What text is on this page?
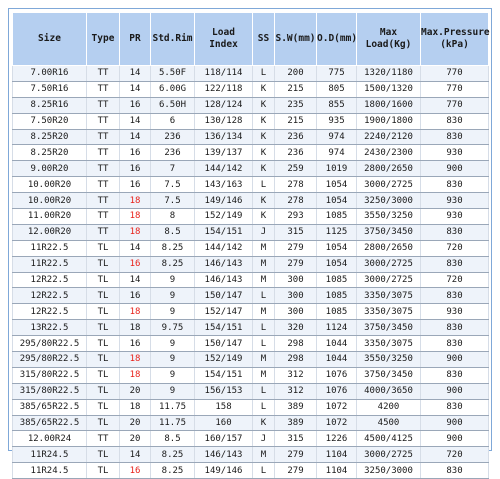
Size	Type	PR	Std.Rim	Load Index	SS	S.W(mm)	O.D(mm)	Max Load(Kg)	Max.Pressure (kPa)
7.00R16	TT	14	5.50F	118/114	L	200	775	1320/1180	770
7.50R16	TT	14	6.00G	122/118	K	215	805	1500/1320	770
8.25R16	TT	16	6.50H	128/124	K	235	855	1800/1600	770
7.50R20	TT	14	6	130/128	K	215	935	1900/1800	830
8.25R20	TT	14	236	136/134	K	236	974	2240/2120	830
8.25R20	TT	16	236	139/137	K	236	974	2430/2300	930
9.00R20	TT	16	7	144/142	K	259	1019	2800/2650	900
10.00R20	TT	16	7.5	143/163	L	278	1054	3000/2725	830
10.00R20	TT	18	7.5	149/146	K	278	1054	3250/3000	930
11.00R20	TT	18	8	152/149	K	293	1085	3550/3250	930
12.00R20	TT	18	8.5	154/151	J	315	1125	3750/3450	830
11R22.5	TL	14	8.25	144/142	M	279	1054	2800/2650	720
11R22.5	TL	16	8.25	146/143	M	279	1054	3000/2725	830
12R22.5	TL	14	9	146/143	M	300	1085	3000/2725	720
12R22.5	TL	16	9	150/147	L	300	1085	3350/3075	830
12R22.5	TL	18	9	152/147	M	300	1085	3350/3075	930
13R22.5	TL	18	9.75	154/151	L	320	1124	3750/3450	830
295/80R22.5	TL	16	9	150/147	L	298	1044	3350/3075	830
295/80R22.5	TL	18	9	152/149	M	298	1044	3550/3250	900
315/80R22.5	TL	18	9	154/151	M	312	1076	3750/3450	830
315/80R22.5	TL	20	9	156/153	L	312	1076	4000/3650	900
385/65R22.5	TL	18	11.75	158	L	389	1072	4200	830
385/65R22.5	TL	20	11.75	160	K	389	1072	4500	900
12.00R24	TT	20	8.5	160/157	J	315	1226	4500/4125	900
11R24.5	TL	14	8.25	146/143	M	279	1104	3000/2725	720
11R24.5	TL	16	8.25	149/146	L	279	1104	3250/3000	830
